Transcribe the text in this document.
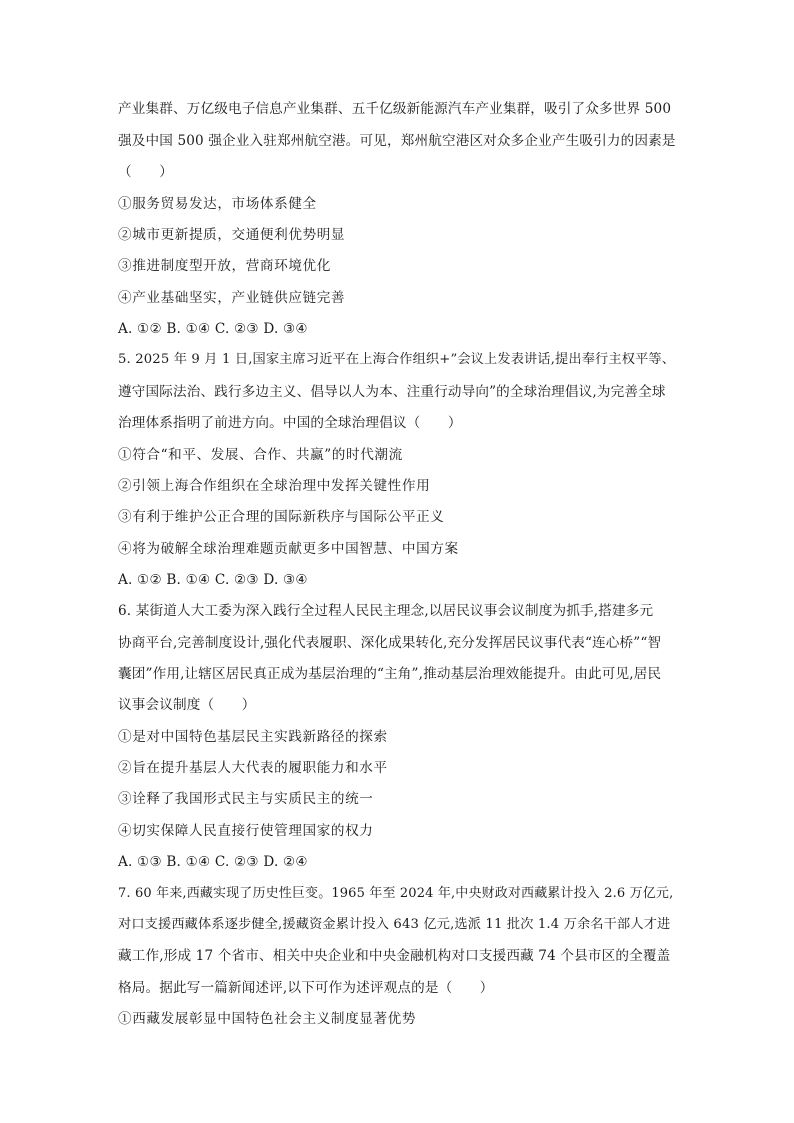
产业集群、万亿级电子信息产业集群、五千亿级新能源汽车产业集群，吸引了众多世界 500
强及中国 500 强企业入驻郑州航空港。可见，郑州航空港区对众多企业产生吸引力的因素是
（　　）
①服务贸易发达，市场体系健全
②城市更新提质，交通便利优势明显
③推进制度型开放，营商环境优化
④产业基础坚实，产业链供应链完善
A. ①② B. ①④ C. ②③ D. ③④
5. 2025 年 9 月 1 日,国家主席习近平在上海合作组织+”会议上发表讲话,提出奉行主权平等、
遵守国际法治、践行多边主义、倡导以人为本、注重行动导向”的全球治理倡议,为完善全球
治理体系指明了前进方向。中国的全球治理倡议（　　）
①符合“和平、发展、合作、共赢”的时代潮流
②引领上海合作组织在全球治理中发挥关键性作用
③有利于维护公正合理的国际新秩序与国际公平正义
④将为破解全球治理难题贡献更多中国智慧、中国方案
A. ①② B. ①④ C. ②③ D. ③④
6. 某街道人大工委为深入践行全过程人民民主理念,以居民议事会议制度为抓手,搭建多元
协商平台,完善制度设计,强化代表履职、深化成果转化,充分发挥居民议事代表“连心桥”“智
囊团”作用,让辖区居民真正成为基层治理的“主角”,推动基层治理效能提升。由此可见,居民
议事会议制度（　　）
①是对中国特色基层民主实践新路径的探索
②旨在提升基层人大代表的履职能力和水平
③诠释了我国形式民主与实质民主的统一
④切实保障人民直接行使管理国家的权力
A. ①③ B. ①④ C. ②③ D. ②④
7. 60 年来,西藏实现了历史性巨变。1965 年至 2024 年,中央财政对西藏累计投入 2.6 万亿元,
对口支援西藏体系逐步健全,援藏资金累计投入 643 亿元,选派 11 批次 1.4 万余名干部人才进
藏工作,形成 17 个省市、相关中央企业和中央金融机构对口支援西藏 74 个县市区的全覆盖
格局。据此写一篇新闻述评,以下可作为述评观点的是（　　）
①西藏发展彰显中国特色社会主义制度显著优势
